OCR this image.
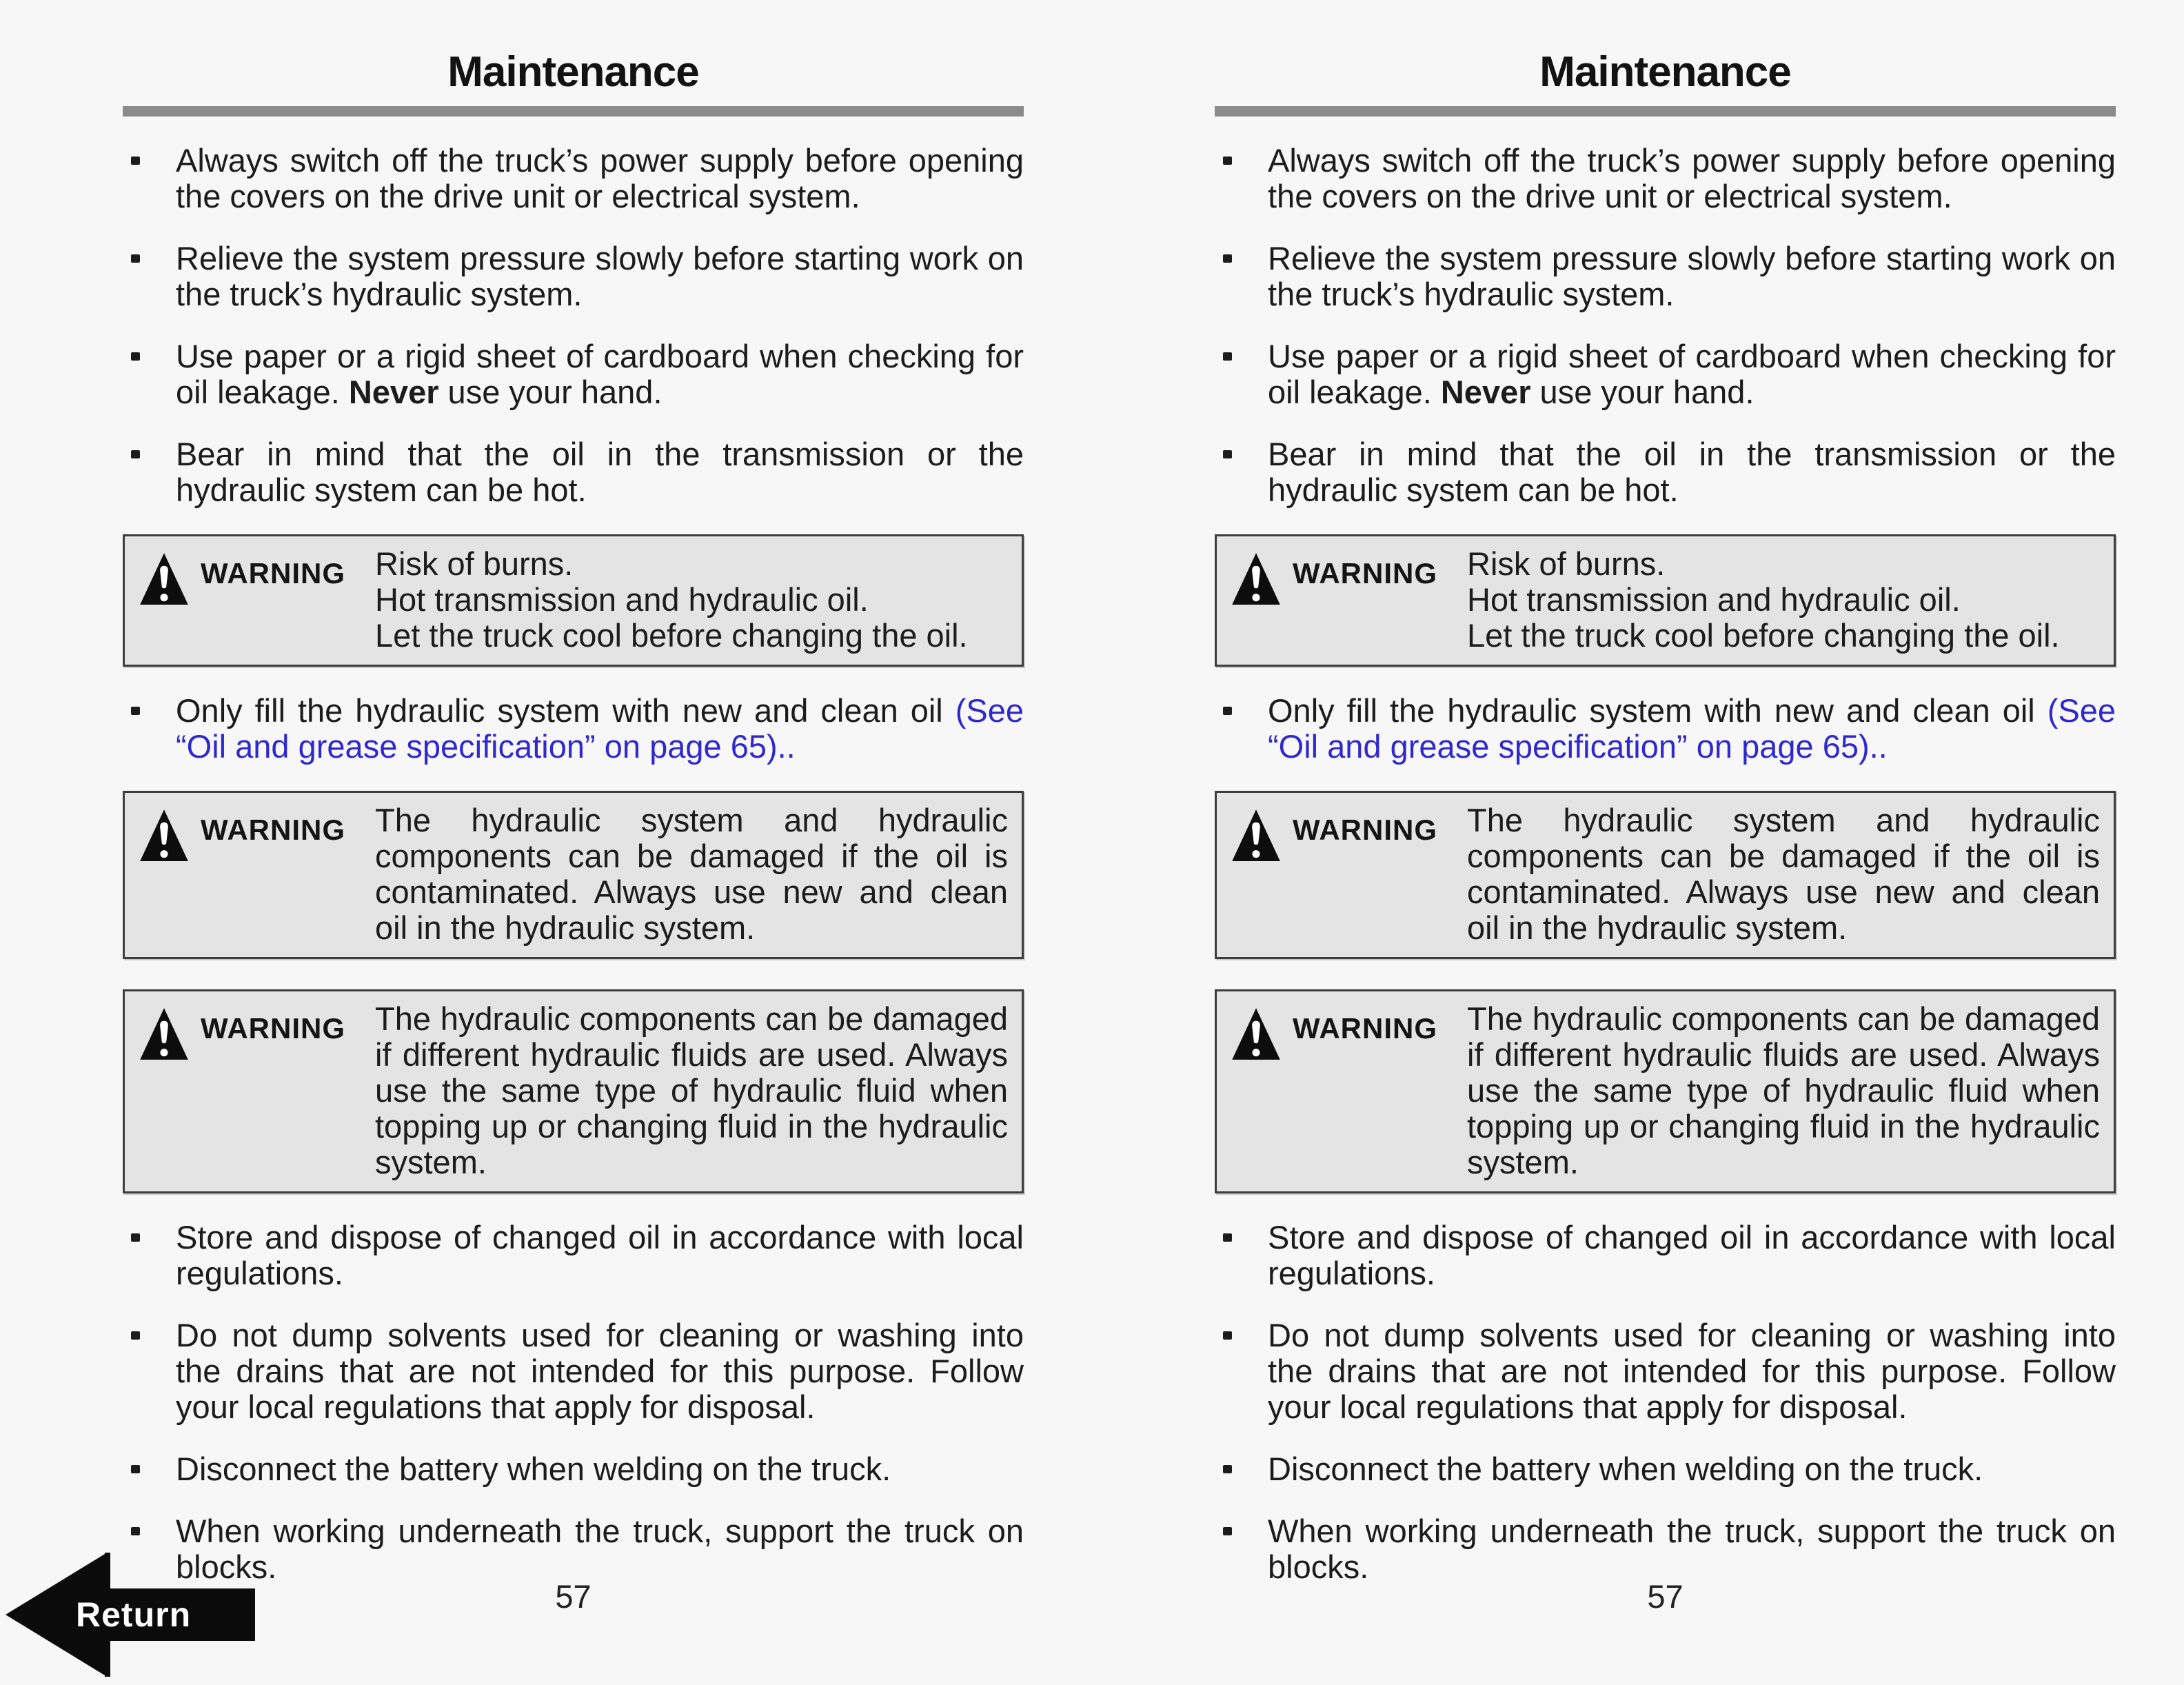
Return
Maintenance
Always switch off the truck’s power supply before opening the covers on the drive unit or electrical system.
Relieve the system pressure slowly before starting work on the truck’s hydraulic system.
Use paper or a rigid sheet of cardboard when checking for oil leakage. Never use your hand.
Bear in mind that the oil in the transmission or the hydraulic system can be hot.
WARNING Risk of burns.
Hot transmission and hydraulic oil.
Let the truck cool before changing the oil.
Only fill the hydraulic system with new and clean oil (See “Oil and grease specification” on page 65)..
WARNING The hydraulic system and hydraulic components can be damaged if the oil is contaminated. Always use new and clean oil in the hydraulic system.
WARNING The hydraulic components can be damaged if different hydraulic fluids are used. Always use the same type of hydraulic fluid when topping up or changing fluid in the hydraulic system.
Store and dispose of changed oil in accordance with local regulations.
Do not dump solvents used for cleaning or washing into the drains that are not intended for this purpose. Follow your local regulations that apply for disposal.
Disconnect the battery when welding on the truck.
When working underneath the truck, support the truck on blocks.
57
Maintenance
Always switch off the truck’s power supply before opening the covers on the drive unit or electrical system.
Relieve the system pressure slowly before starting work on the truck’s hydraulic system.
Use paper or a rigid sheet of cardboard when checking for oil leakage. Never use your hand.
Bear in mind that the oil in the transmission or the hydraulic system can be hot.
WARNING Risk of burns.
Hot transmission and hydraulic oil.
Let the truck cool before changing the oil.
Only fill the hydraulic system with new and clean oil (See “Oil and grease specification” on page 65)..
WARNING The hydraulic system and hydraulic components can be damaged if the oil is contaminated. Always use new and clean oil in the hydraulic system.
WARNING The hydraulic components can be damaged if different hydraulic fluids are used. Always use the same type of hydraulic fluid when topping up or changing fluid in the hydraulic system.
Store and dispose of changed oil in accordance with local regulations.
Do not dump solvents used for cleaning or washing into the drains that are not intended for this purpose. Follow your local regulations that apply for disposal.
Disconnect the battery when welding on the truck.
When working underneath the truck, support the truck on blocks.
57
